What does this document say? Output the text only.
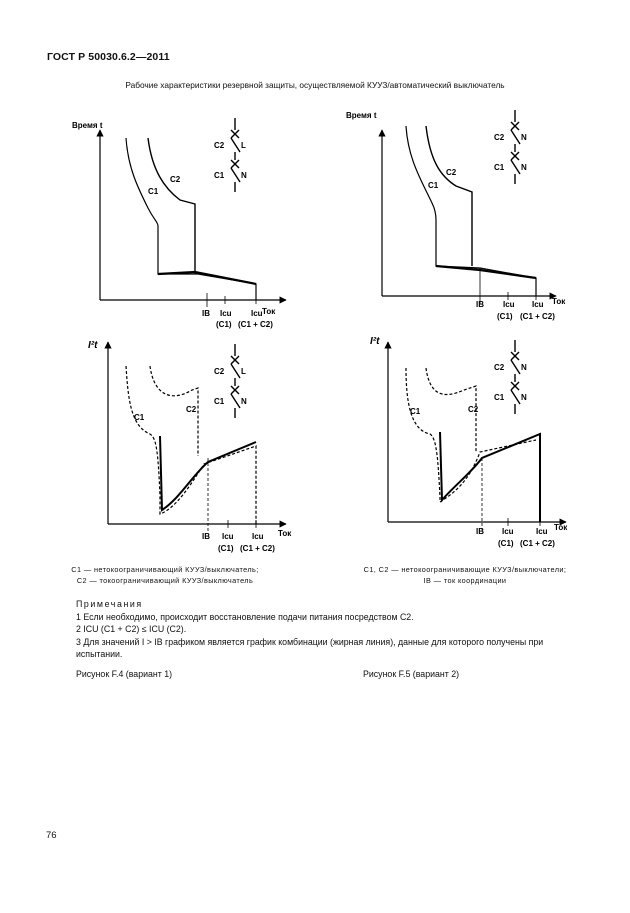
ГОСТ Р 50030.6.2—2011
Рабочие характеристики резервной защиты, осуществляемой КУУЗ/автоматический выключатель
Время t
Ток
C1
C2
C2 L
C1 N
IB Icu Icu
(C1) (C1 + C2)
Время t
Ток
C1
C2
C2 N
C1 N
IB Icu Icu
(C1) (C1 + C2)
I²t
Ток
C1
C2
C2 L
C1 N
IB Icu Icu
(C1) (C1 + C2)
I²t
Ток
C1	C2
C2 N
C1 N
IB Icu	Icu
(C1) (C1 + C2)
C1 — нетокоограничивающий КУУЗ/выключатель;
C2 — токоограничивающий КУУЗ/выключатель
C1, C2 — нетокоограничивающие КУУЗ/выключатели;
IB — ток координации
Примечания
1 Если необходимо, происходит восстановление подачи питания посредством C2.
2 ICU (C1 + C2) ≤ ICU (C2).
3 Для значений I > IB графиком является график комбинации (жирная линия), данные для которого получены при испытании.
Рисунок F.4 (вариант 1)	Рисунок F.5 (вариант 2)
76
